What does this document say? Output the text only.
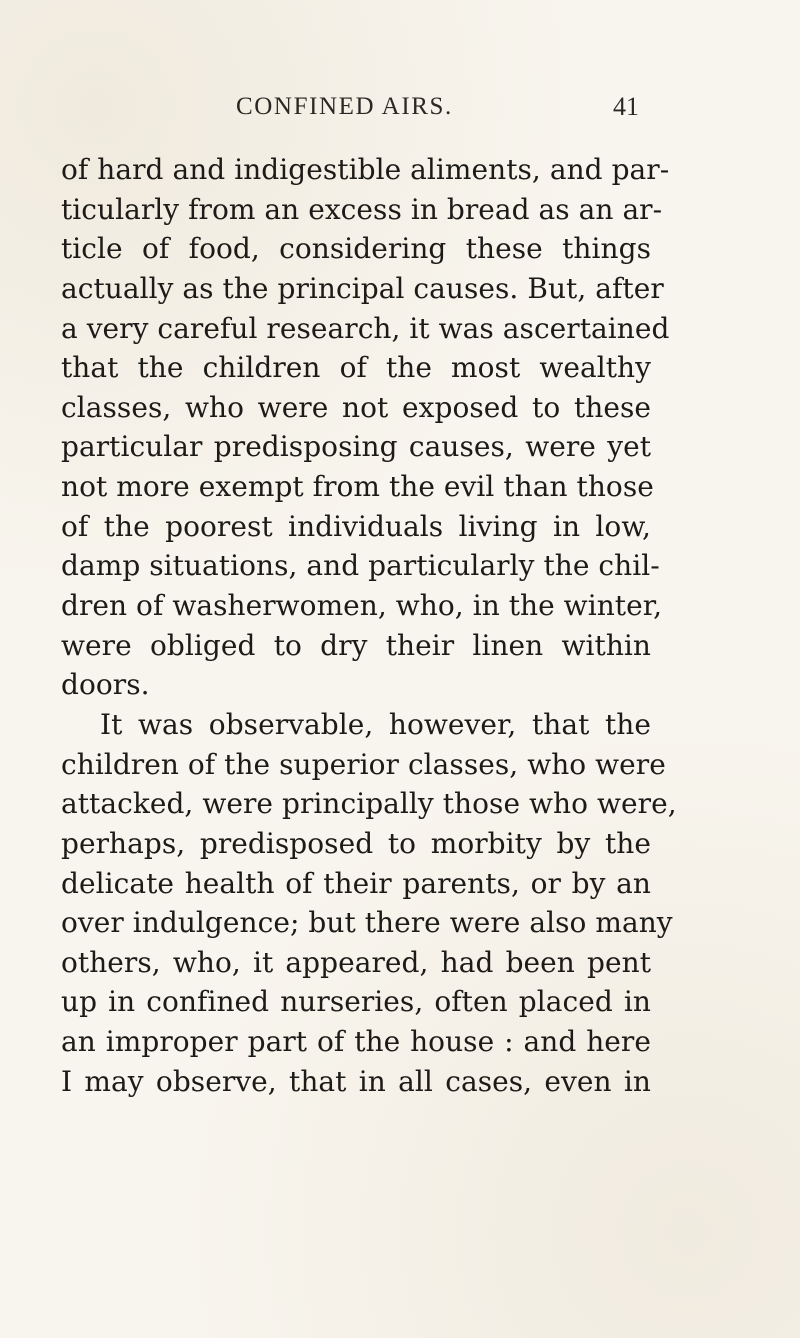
CONFINED AIRS.	41
of hard and indigestible aliments, and par-
ticularly from an excess in bread as an ar-
ticle of food, considering these things
actually as the principal causes. But, after
a very careful research, it was ascertained
that the children of the most wealthy
classes, who were not exposed to these
particular predisposing causes, were yet
not more exempt from the evil than those
of the poorest individuals living in low,
damp situations, and particularly the chil-
dren of washerwomen, who, in the winter,
were obliged to dry their linen within
doors.
It was observable, however, that the
children of the superior classes, who were
attacked, were principally those who were,
perhaps, predisposed to morbity by the
delicate health of their parents, or by an
over indulgence; but there were also many
others, who, it appeared, had been pent
up in confined nurseries, often placed in
an improper part of the house : and here
I may observe, that in all cases, even in
